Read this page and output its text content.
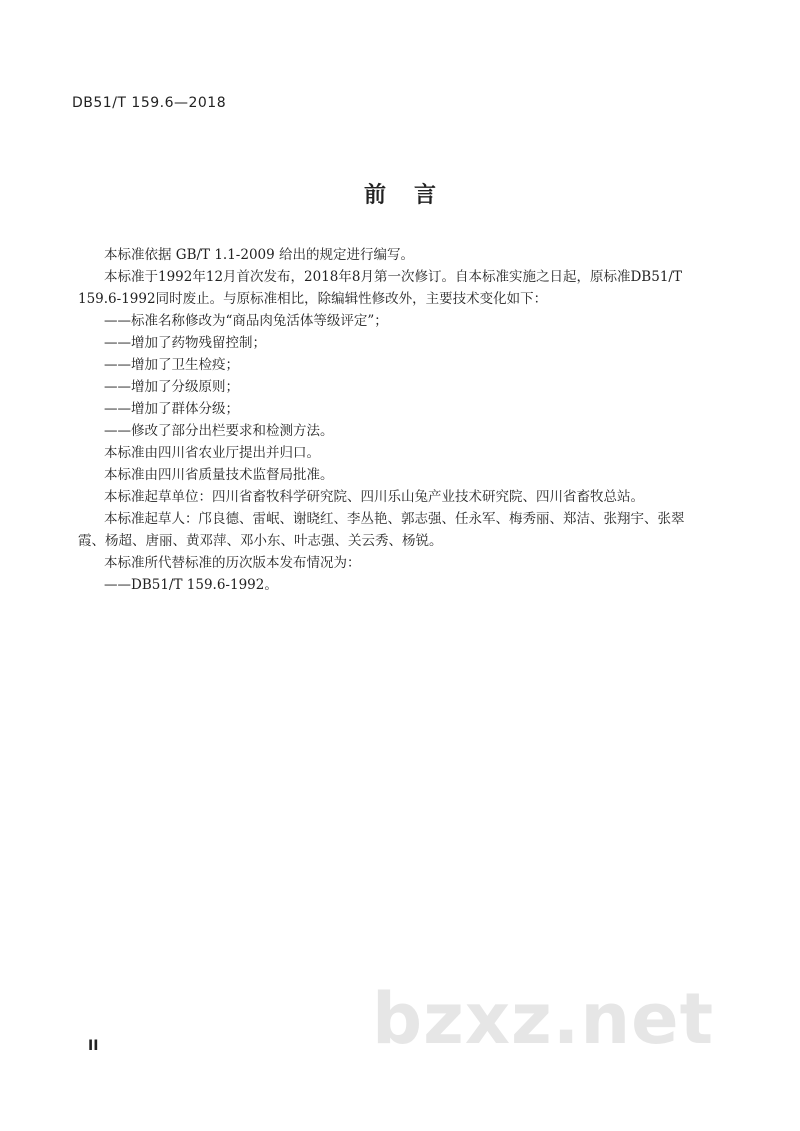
DB51/T 159.6—2018
前 言

本标准依据 GB/T 1.1-2009 给出的规定进行编写。

本标准于1992年12月首次发布，2018年8月第一次修订。自本标准实施之日起，原标准DB51/T

159.6-1992同时废止。与原标准相比，除编辑性修改外，主要技术变化如下：

——标准名称修改为“商品肉兔活体等级评定”；

——增加了药物残留控制；

——增加了卫生检疫；

——增加了分级原则；

——增加了群体分级；

——修改了部分出栏要求和检测方法。

本标准由四川省农业厅提出并归口。

本标准由四川省质量技术监督局批准。

本标准起草单位：四川省畜牧科学研究院、四川乐山兔产业技术研究院、四川省畜牧总站。

本标准起草人：邝良德、雷岷、谢晓红、李丛艳、郭志强、任永军、梅秀丽、郑洁、张翔宇、张翠

霞、杨超、唐丽、黄邓萍、邓小东、叶志强、关云秀、杨锐。

本标准所代替标准的历次版本发布情况为：

——DB51/T 159.6-1992。

bzxz.net
II
